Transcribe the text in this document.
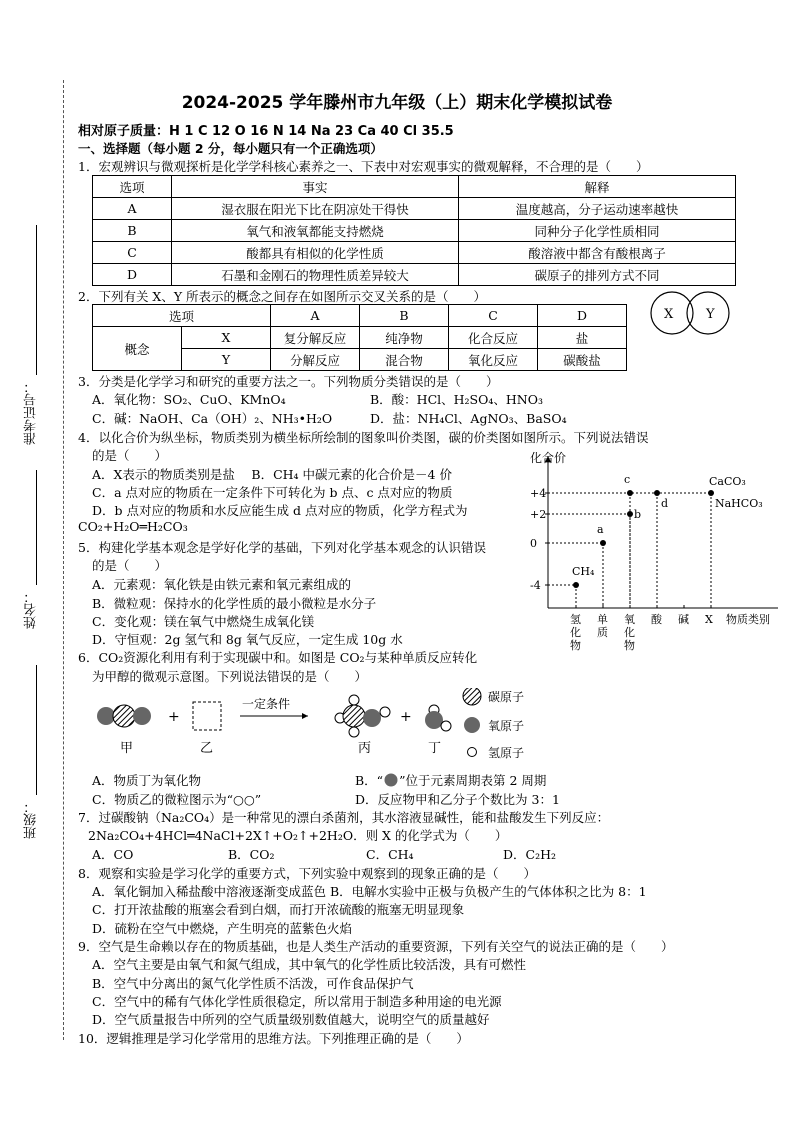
准考证号：
姓名：
班级：
2024-2025 学年滕州市九年级（上）期末化学模拟试卷
相对原子质量：H 1 C 12 O 16 N 14 Na 23 Ca 40 Cl 35.5
一、选择题（每小题 2 分，每小题只有一个正确选项）
1．宏观辨识与微观探析是化学学科核心素养之一、下表中对宏观事实的微观解释，不合理的是（　　）
选项	事实	解释
A	湿衣服在阳光下比在阴凉处干得快	温度越高，分子运动速率越快
B	氧气和液氧都能支持燃烧	同种分子化学性质相同
C	酸都具有相似的化学性质	酸溶液中都含有酸根离子
D	石墨和金刚石的物理性质差异较大	碳原子的排列方式不同
2．下列有关 X、Y 所表示的概念之间存在如图所示交叉关系的是（　　）
选项		A	B	C	D
概念	X	复分解反应	纯净物	化合反应	盐
	Y	分解反应	混合物	氧化反应	碳酸盐
X	Y
3．分类是化学学习和研究的重要方法之一。下列物质分类错误的是（　　）
A．氧化物：SO₂、CuO、KMnO₄	B．酸：HCl、H₂SO₄、HNO₃
C．碱：NaOH、Ca（OH）₂、NH₃•H₂O	D．盐：NH₄Cl、AgNO₃、BaSO₄
4．以化合价为纵坐标，物质类别为横坐标所绘制的图象叫价类图，碳的价类图如图所示。下列说法错误
的是（　　）
A．X表示的物质类别是盐　 B．CH₄ 中碳元素的化合价是－4 价
C．a 点对应的物质在一定条件下可转化为 b 点、c 点对应的物质
D．b 点对应的物质和水反应能生成 d 点对应的物质，化学方程式为
CO₂+H₂O═H₂CO₃
化合价
+4
+2
0
-4
氢
化
物
单
质
氧
化
物
酸 碱 X 物质类别
CH₄
a
b
c
d
CaCO₃
NaHCO₃
5．构建化学基本观念是学好化学的基础，下列对化学基本观念的认识错误
的是（　　）
A．元素观：氧化铁是由铁元素和氧元素组成的
B．微粒观：保持水的化学性质的最小微粒是水分子
C．变化观：镁在氧气中燃烧生成氧化镁
D．守恒观：2g 氢气和 8g 氧气反应，一定生成 10g 水
6．CO₂资源化利用有利于实现碳中和。如图是 CO₂与某种单质反应转化
为甲醇的微观示意图。下列说法错误的是（　　）
甲
+
乙
一定条件
丙
+
丁
碳原子
氧原子
氢原子
A．物质丁为氧化物	B．“ ”位于元素周期表第 2 周期
C．物质乙的微粒图示为“○○”	D．反应物甲和乙分子个数比为 3：1
7．过碳酸钠（Na₂CO₄）是一种常见的漂白杀菌剂，其水溶液显碱性，能和盐酸发生下列反应：
2Na₂CO₄+4HCl═4NaCl+2X↑+O₂↑+2H₂O．则 X 的化学式为（　　）
A．CO	B．CO₂	C．CH₄	D．C₂H₂
8．观察和实验是学习化学的重要方式，下列实验中观察到的现象正确的是（　　）
A．氧化铜加入稀盐酸中溶液逐渐变成蓝色 B．电解水实验中正极与负极产生的气体体积之比为 8：1
C．打开浓盐酸的瓶塞会看到白烟，而打开浓硫酸的瓶塞无明显现象
D．硫粉在空气中燃烧，产生明亮的蓝紫色火焰
9．空气是生命赖以存在的物质基础，也是人类生产活动的重要资源，下列有关空气的说法正确的是（　　）
A．空气主要是由氧气和氮气组成，其中氧气的化学性质比较活泼，具有可燃性
B．空气中分离出的氮气化学性质不活泼，可作食品保护气
C．空气中的稀有气体化学性质很稳定，所以常用于制造多种用途的电光源
D．空气质量报告中所列的空气质量级别数值越大，说明空气的质量越好
10．逻辑推理是学习化学常用的思维方法。下列推理正确的是（　　）
